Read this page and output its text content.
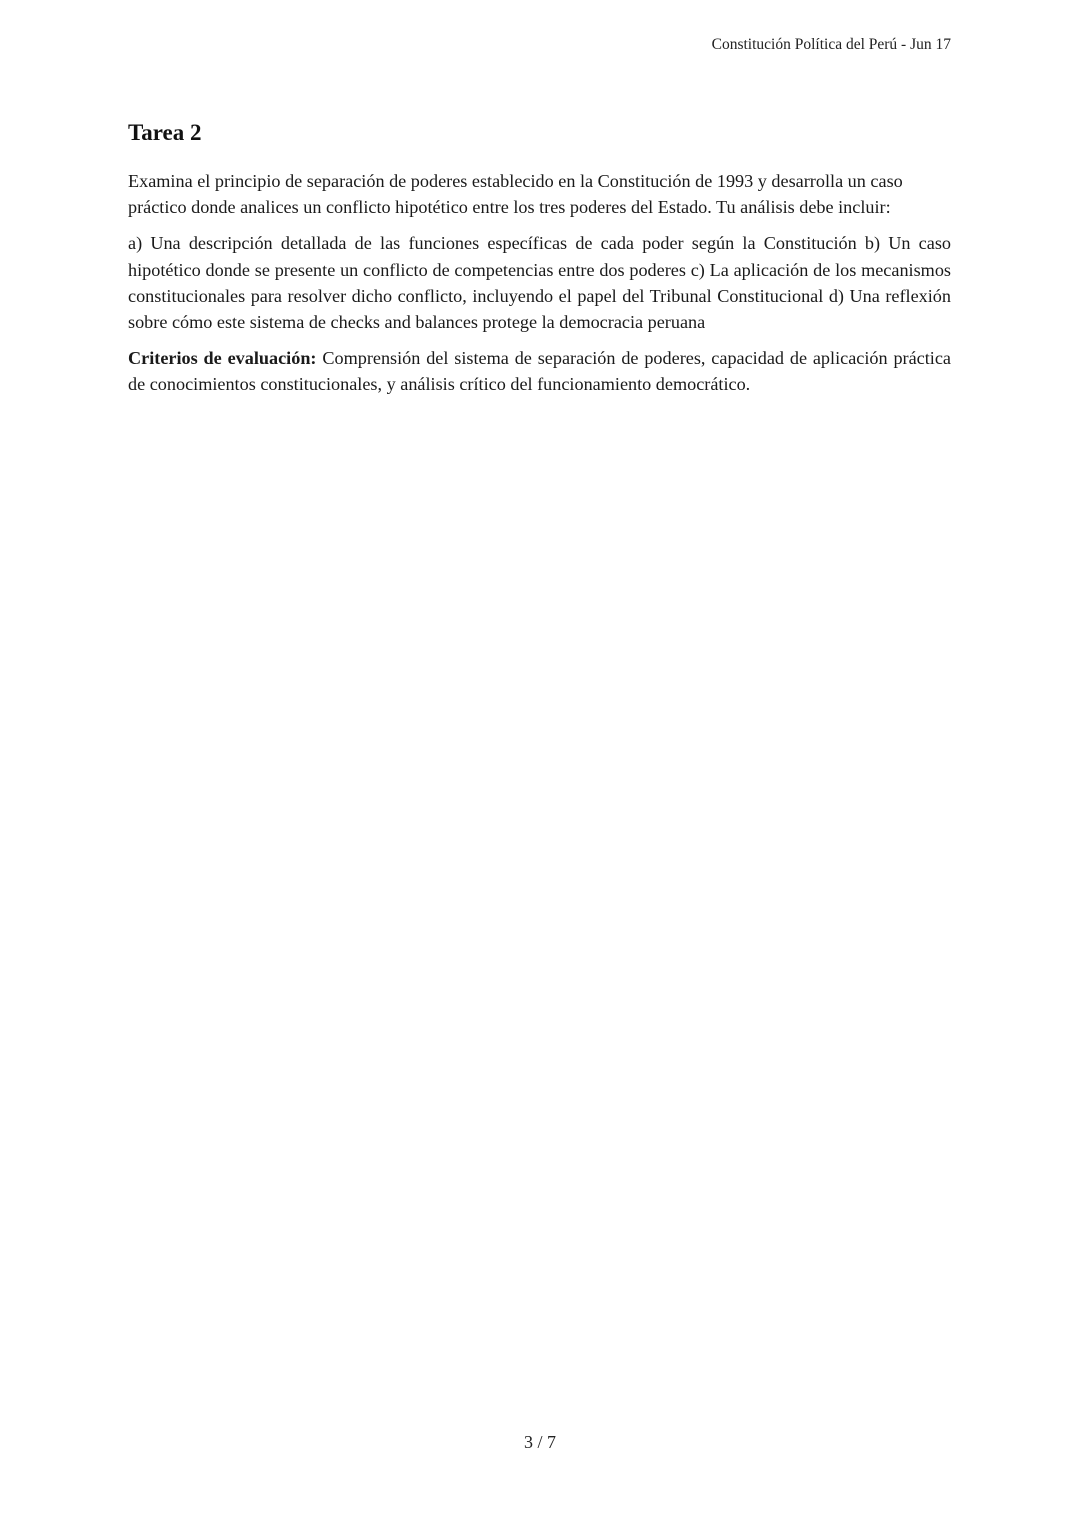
Constitución Política del Perú - Jun 17
Tarea 2

Examina el principio de separación de poderes establecido en la Constitución de 1993 y desarrolla un caso práctico donde analices un conflicto hipotético entre los tres poderes del Estado. Tu análisis debe incluir:

a) Una descripción detallada de las funciones específicas de cada poder según la Constitución b) Un caso hipotético donde se presente un conflicto de competencias entre dos poderes c) La aplicación de los mecanismos constitucionales para resolver dicho conflicto, incluyendo el papel del Tribunal Constitucional d) Una reflexión sobre cómo este sistema de checks and balances protege la democracia peruana

Criterios de evaluación: Comprensión del sistema de separación de poderes, capacidad de aplicación práctica de conocimientos constitucionales, y análisis crítico del funcionamiento democrático.

3 / 7
